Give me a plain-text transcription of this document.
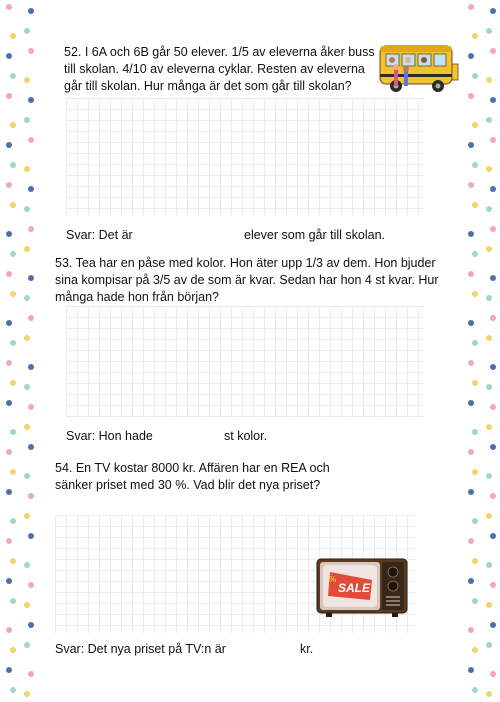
52. I 6A och 6B går 50 elever. 1/5 av eleverna åker buss
till skolan. 4/10 av eleverna cyklar. Resten av eleverna
går till skolan. Hur många är det som går till skolan?
Svar: Det är	elever som går till skolan.
53. Tea har en påse med kolor. Hon äter upp 1/3 av dem. Hon bjuder
sina kompisar på 3/5 av de som är kvar. Sedan har hon 4 st kvar. Hur
många hade hon från början?
Svar: Hon hade	st kolor.
54. En TV kostar 8000 kr. Affären har en REA och
sänker priset med 30 %. Vad blir det nya priset?
SALE
%
Svar: Det nya priset på TV:n är	kr.
